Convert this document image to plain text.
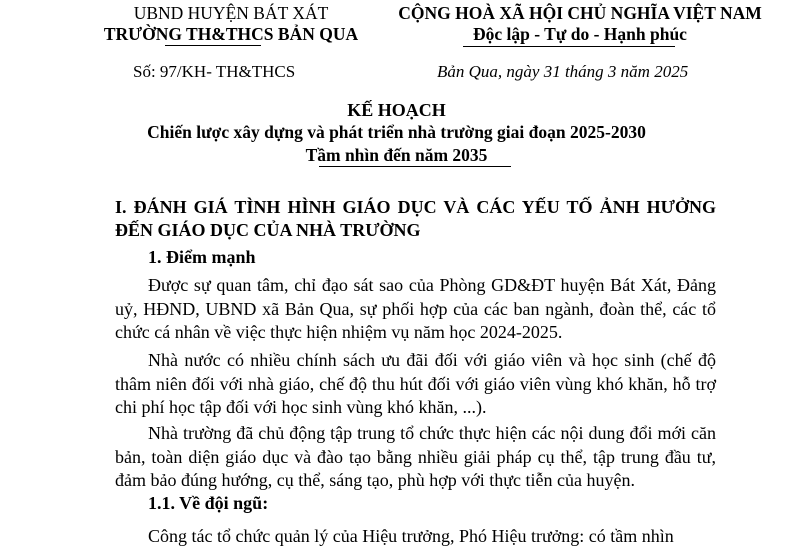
UBND HUYỆN BÁT XÁT
TRƯỜNG TH&THCS BẢN QUA
CỘNG HOÀ XÃ HỘI CHỦ NGHĨA VIỆT NAM
Độc lập - Tự do - Hạnh phúc
Số: 97/KH- TH&THCS	Bản Qua, ngày 31 tháng 3 năm 2025
KẾ HOẠCH
Chiến lược xây dựng và phát triển nhà trường giai đoạn 2025-2030
Tầm nhìn đến năm 2035
I. ĐÁNH GIÁ TÌNH HÌNH GIÁO DỤC VÀ CÁC YẾU TỐ ẢNH HƯỞNG ĐẾN GIÁO DỤC CỦA NHÀ TRƯỜNG
1. Điểm mạnh
Được sự quan tâm, chỉ đạo sát sao của Phòng GD&ĐT huyện Bát Xát, Đảng uỷ, HĐND, UBND xã Bản Qua, sự phối hợp của các ban ngành, đoàn thể, các tổ chức cá nhân về việc thực hiện nhiệm vụ năm học 2024-2025.
Nhà nước có nhiều chính sách ưu đãi đối với giáo viên và học sinh (chế độ thâm niên đối với nhà giáo, chế độ thu hút đối với giáo viên vùng khó khăn, hỗ trợ chi phí học tập đối với học sinh vùng khó khăn, ...).
Nhà trường đã chủ động tập trung tổ chức thực hiện các nội dung đổi mới căn bản, toàn diện giáo dục và đào tạo bằng nhiều giải pháp cụ thể, tập trung đầu tư, đảm bảo đúng hướng, cụ thể, sáng tạo, phù hợp với thực tiễn của huyện.
1.1. Về đội ngũ:
Công tác tổ chức quản lý của Hiệu trưởng, Phó Hiệu trưởng: có tầm nhìn
